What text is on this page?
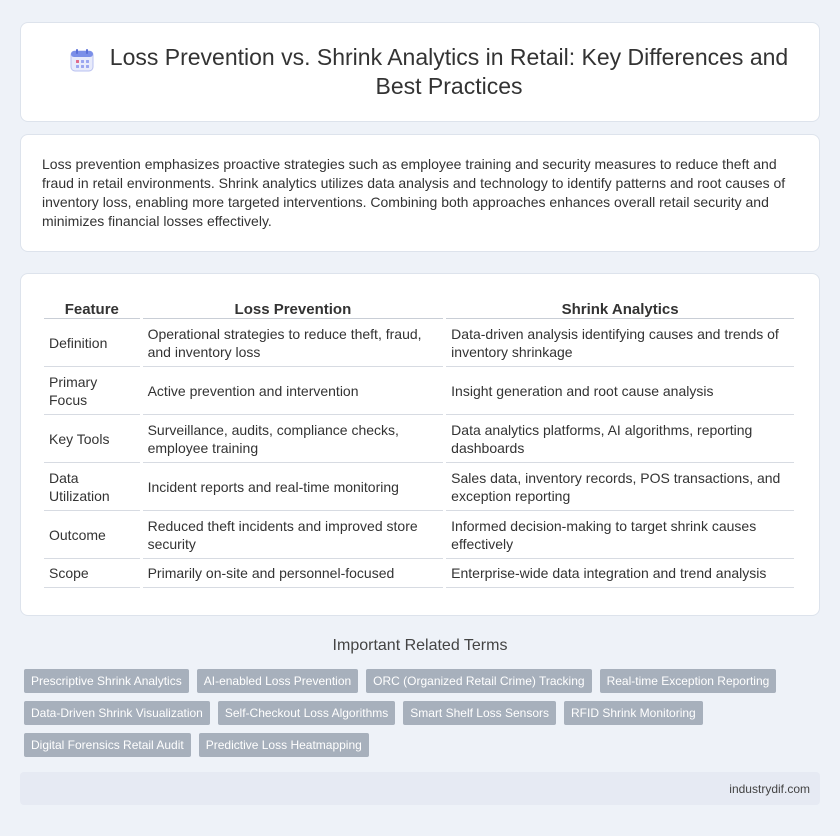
Loss Prevention vs. Shrink Analytics in Retail: Key Differences and Best Practices

Loss prevention emphasizes proactive strategies such as employee training and security measures to reduce theft and fraud in retail environments. Shrink analytics utilizes data analysis and technology to identify patterns and root causes of inventory loss, enabling more targeted interventions. Combining both approaches enhances overall retail security and minimizes financial losses effectively.

Feature	Loss Prevention	Shrink Analytics
Definition	Operational strategies to reduce theft, fraud, and inventory loss	Data-driven analysis identifying causes and trends of inventory shrinkage
Primary Focus	Active prevention and intervention	Insight generation and root cause analysis
Key Tools	Surveillance, audits, compliance checks, employee training	Data analytics platforms, AI algorithms, reporting dashboards
Data Utilization	Incident reports and real-time monitoring	Sales data, inventory records, POS transactions, and exception reporting
Outcome	Reduced theft incidents and improved store security	Informed decision-making to target shrink causes effectively
Scope	Primarily on-site and personnel-focused	Enterprise-wide data integration and trend analysis
Important Related Terms
Prescriptive Shrink Analytics	AI-enabled Loss Prevention	ORC (Organized Retail Crime) Tracking	Real-time Exception Reporting
Data-Driven Shrink Visualization	Self-Checkout Loss Algorithms	Smart Shelf Loss Sensors	RFID Shrink Monitoring
Digital Forensics Retail Audit	Predictive Loss Heatmapping
industrydif.com
